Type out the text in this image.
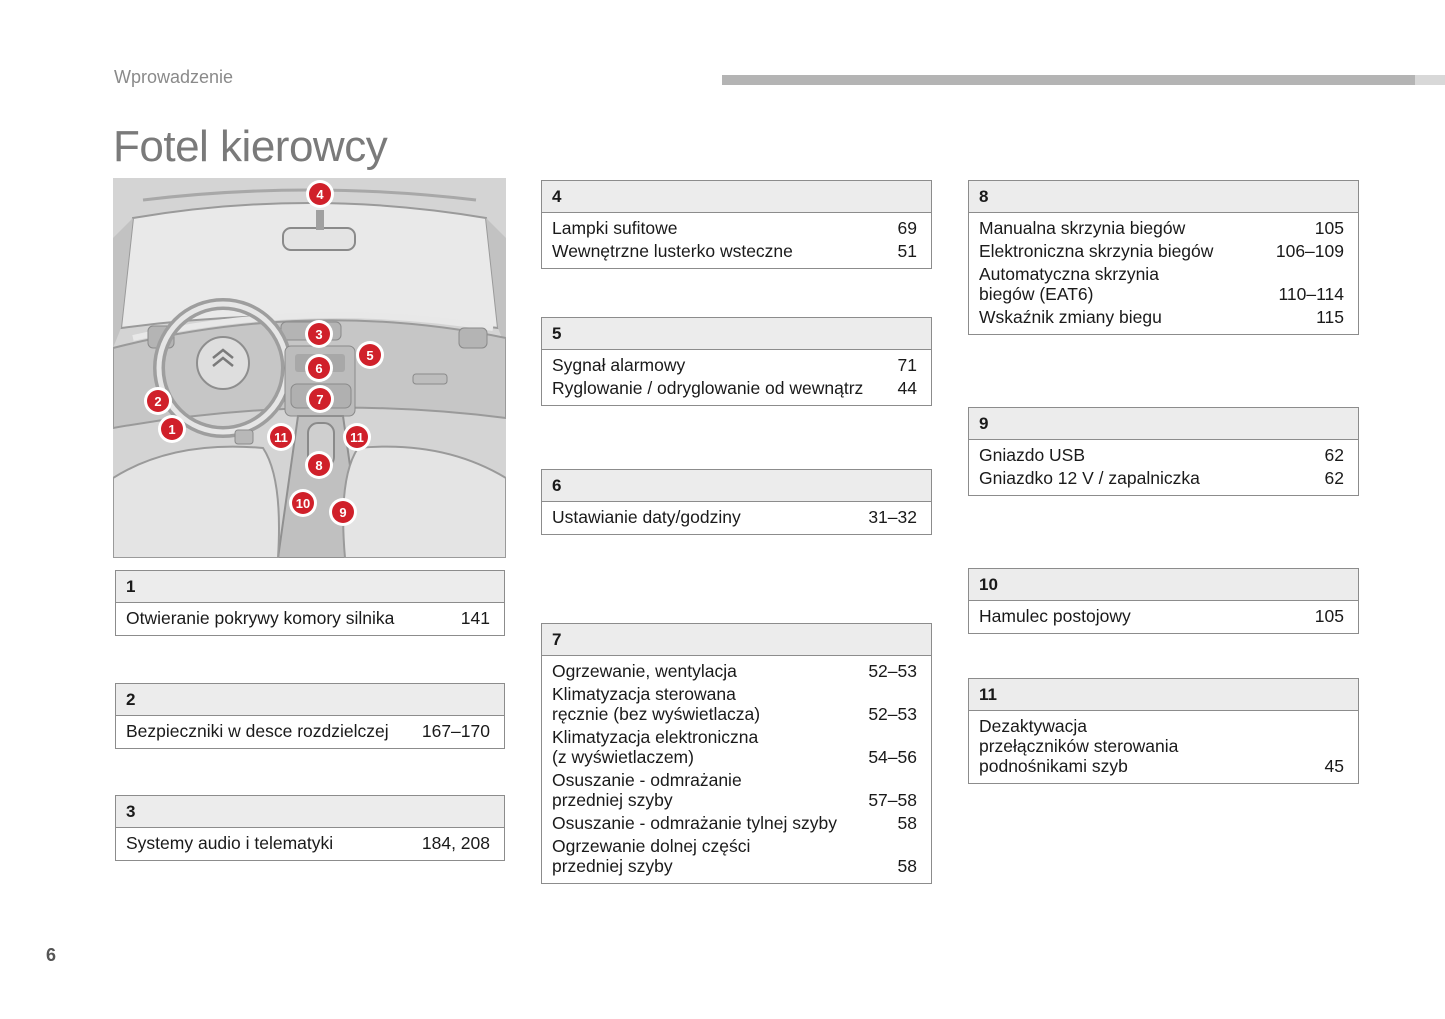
Wprowadzenie
Fotel kierowcy
4
3
5
6
7
2
1
11	11
8
10
9
1
Otwieranie pokrywy komory silnika	141
2
Bezpieczniki w desce rozdzielczej	167–170
3
Systemy audio i telematyki	184, 208
4
Lampki sufitowe	69
Wewnętrzne lusterko wsteczne	51
5
Sygnał alarmowy	71
Ryglowanie / odryglowanie od wewnątrz	44
6
Ustawianie daty/godziny	31–32
7
Ogrzewanie, wentylacja	52–53
Klimatyzacja sterowana
ręcznie (bez wyświetlacza)	52–53
Klimatyzacja elektroniczna
(z wyświetlaczem)	54–56
Osuszanie - odmrażanie
przedniej szyby	57–58
Osuszanie - odmrażanie tylnej szyby	58
Ogrzewanie dolnej części
przedniej szyby	58
8
Manualna skrzynia biegów	105
Elektroniczna skrzynia biegów	106–109
Automatyczna skrzynia
biegów (EAT6)	110–114
Wskaźnik zmiany biegu	115
9
Gniazdo USB	62
Gniazdko 12 V / zapalniczka	62
10
Hamulec postojowy	105
11
Dezaktywacja
przełączników sterowania
podnośnikami szyb	45
6
